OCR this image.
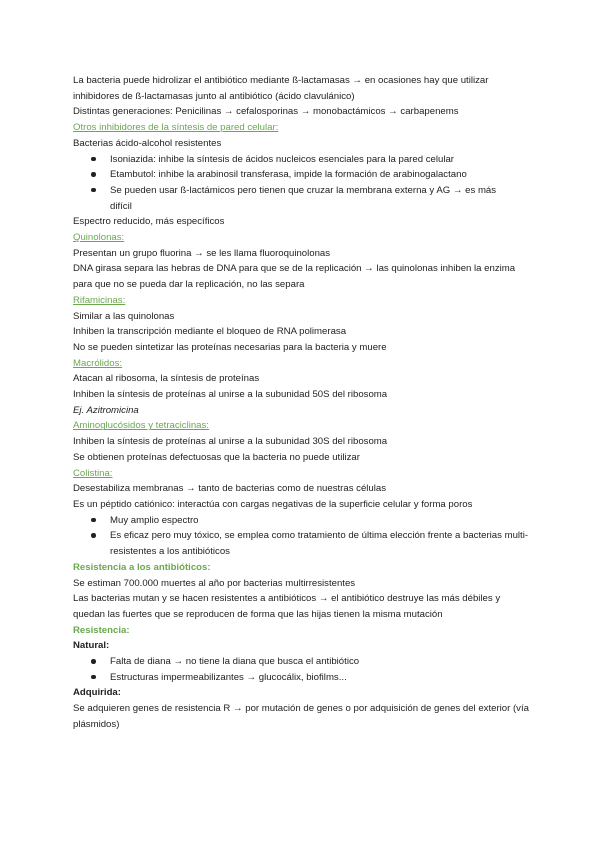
La bacteria puede hidrolizar el antibiótico mediante ß-lactamasas → en ocasiones hay que utilizar inhibidores de ß-lactamasas junto al antibiótico (ácido clavulánico)
Distintas generaciones: Penicilinas → cefalosporinas → monobactámicos → carbapenems
Otros inhibidores de la síntesis de pared celular:
Bacterias ácido-alcohol resistentes
Isoniazida: inhibe la síntesis de ácidos nucleicos esenciales para la pared celular
Etambutol: inhibe la arabinosil transferasa, impide la formación de arabinogalactano
Se pueden usar ß-lactámicos pero tienen que cruzar la membrana externa y AG → es más difícil
Espectro reducido, más específicos
Quinolonas:
Presentan un grupo fluorina → se les llama fluoroquinolonas
DNA girasa separa las hebras de DNA para que se de la replicación → las quinolonas inhiben la enzima para que no se pueda dar la replicación, no las separa
Rifamicinas:
Similar a las quinolonas
Inhiben la transcripción mediante el bloqueo de RNA polimerasa
No se pueden sintetizar las proteínas necesarias para la bacteria y muere
Macrólidos:
Atacan al ribosoma, la síntesis de proteínas
Inhiben la síntesis de proteínas al unirse a la subunidad 50S del ribosoma
Ej. Azitromicina
Aminoglucósidos y tetraciclinas:
Inhiben la síntesis de proteínas al unirse a la subunidad 30S del ribosoma
Se obtienen proteínas defectuosas que la bacteria no puede utilizar
Colistina:
Desestabiliza membranas → tanto de bacterias como de nuestras células
Es un péptido catiónico: interactúa con cargas negativas de la superficie celular y forma poros
Muy amplio espectro
Es eficaz pero muy tóxico, se emplea como tratamiento de última elección frente a bacterias multi-resistentes a los antibióticos
Resistencia a los antibióticos:
Se estiman 700.000 muertes al año por bacterias multirresistentes
Las bacterias mutan y se hacen resistentes a antibióticos → el antibiótico destruye las más débiles y quedan las fuertes que se reproducen de forma que las hijas tienen la misma mutación
Resistencia:
Natural:
Falta de diana → no tiene la diana que busca el antibiótico
Estructuras impermeabilizantes → glucocálix, biofilms...
Adquirida:
Se adquieren genes de resistencia R → por mutación de genes o por adquisición de genes del exterior (vía plásmidos)
